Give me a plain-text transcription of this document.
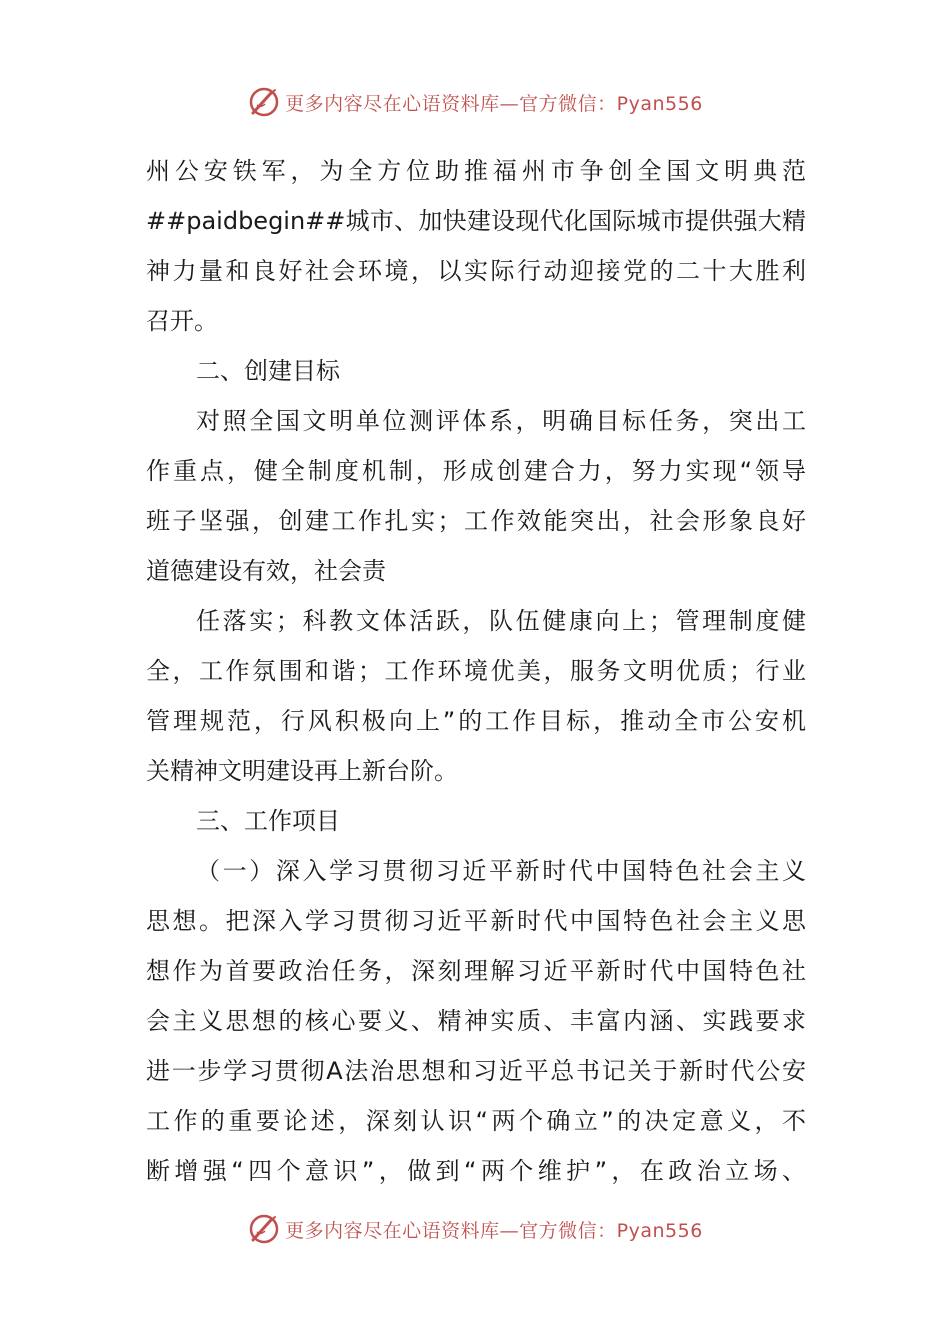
更多内容尽在心语资料库—官方微信：Pyan556
州公安铁军，为全方位助推福州市争创全国文明典范
##paidbegin##城市、加快建设现代化国际城市提供强大精
神力量和良好社会环境，以实际行动迎接党的二十大胜利
召开。
二、创建目标
对照全国文明单位测评体系，明确目标任务，突出工
作重点，健全制度机制，形成创建合力，努力实现“领导
班子坚强，创建工作扎实；工作效能突出，社会形象良好
道德建设有效，社会责
任落实；科教文体活跃，队伍健康向上；管理制度健
全，工作氛围和谐；工作环境优美，服务文明优质；行业
管理规范，行风积极向上”的工作目标，推动全市公安机
关精神文明建设再上新台阶。
三、工作项目
（一）深入学习贯彻习近平新时代中国特色社会主义
思想。把深入学习贯彻习近平新时代中国特色社会主义思
想作为首要政治任务，深刻理解习近平新时代中国特色社
会主义思想的核心要义、精神实质、丰富内涵、实践要求
进一步学习贯彻A法治思想和习近平总书记关于新时代公安
工作的重要论述，深刻认识“两个确立”的决定意义，不
断增强“四个意识”，做到“两个维护”，在政治立场、
更多内容尽在心语资料库—官方微信：Pyan556
